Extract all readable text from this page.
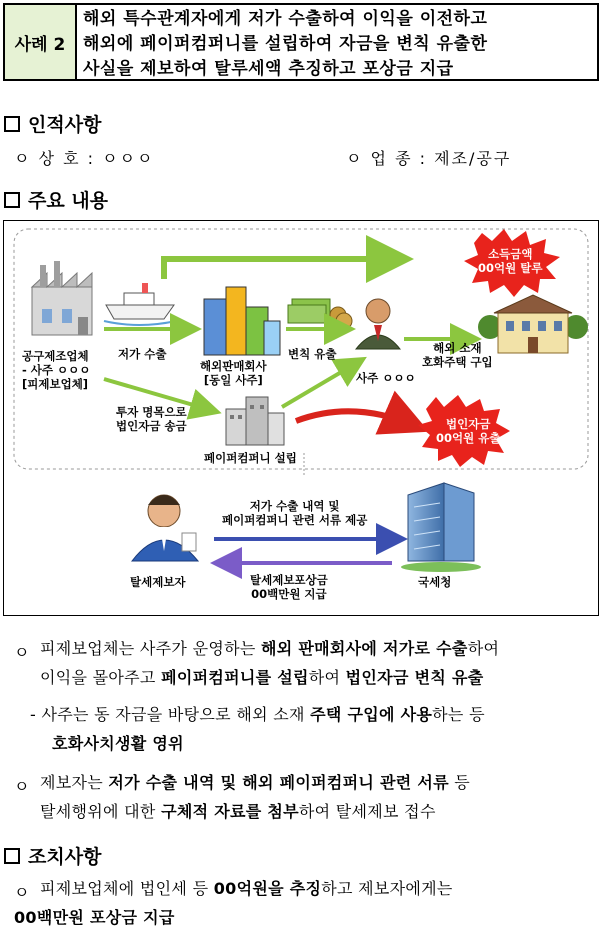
사례 2
해외 특수관계자에게 저가 수출하여 이익을 이전하고
해외에 페이퍼컴퍼니를 설립하여 자금을 변칙 유출한
사실을 제보하여 탈루세액 추징하고 포상금 지급
인적사항
ㅇ 상 호 : ㅇㅇㅇ	ㅇ 업 종 : 제조/공구
주요 내용
공구제조업체
- 사주 ㅇㅇㅇ
[피제보업체]
저가 수출
해외판매회사
[동일 사주]
변칙 유출
사주 ㅇㅇㅇ
해외 소재
호화주택 구입
소득금액
00억원 탈루
투자 명목으로
법인자금 송금
페이퍼컴퍼니 설립
법인자금
00억원 유출
저가 수출 내역 및
페이퍼컴퍼니 관련 서류 제공
탈세제보자	국세청
탈세제보포상금
00백만원 지급
ㅇ 피제보업체는 사주가 운영하는 해외 판매회사에 저가로 수출하여
이익을 몰아주고 페이퍼컴퍼니를 설립하여 법인자금 변칙 유출
- 사주는 동 자금을 바탕으로 해외 소재 주택 구입에 사용하는 등
호화사치생활 영위
ㅇ 제보자는 저가 수출 내역 및 해외 페이퍼컴퍼니 관련 서류 등
탈세행위에 대한 구체적 자료를 첨부하여 탈세제보 접수
조치사항
ㅇ 피제보업체에 법인세 등 00억원을 추징하고 제보자에게는
00백만원 포상금 지급
